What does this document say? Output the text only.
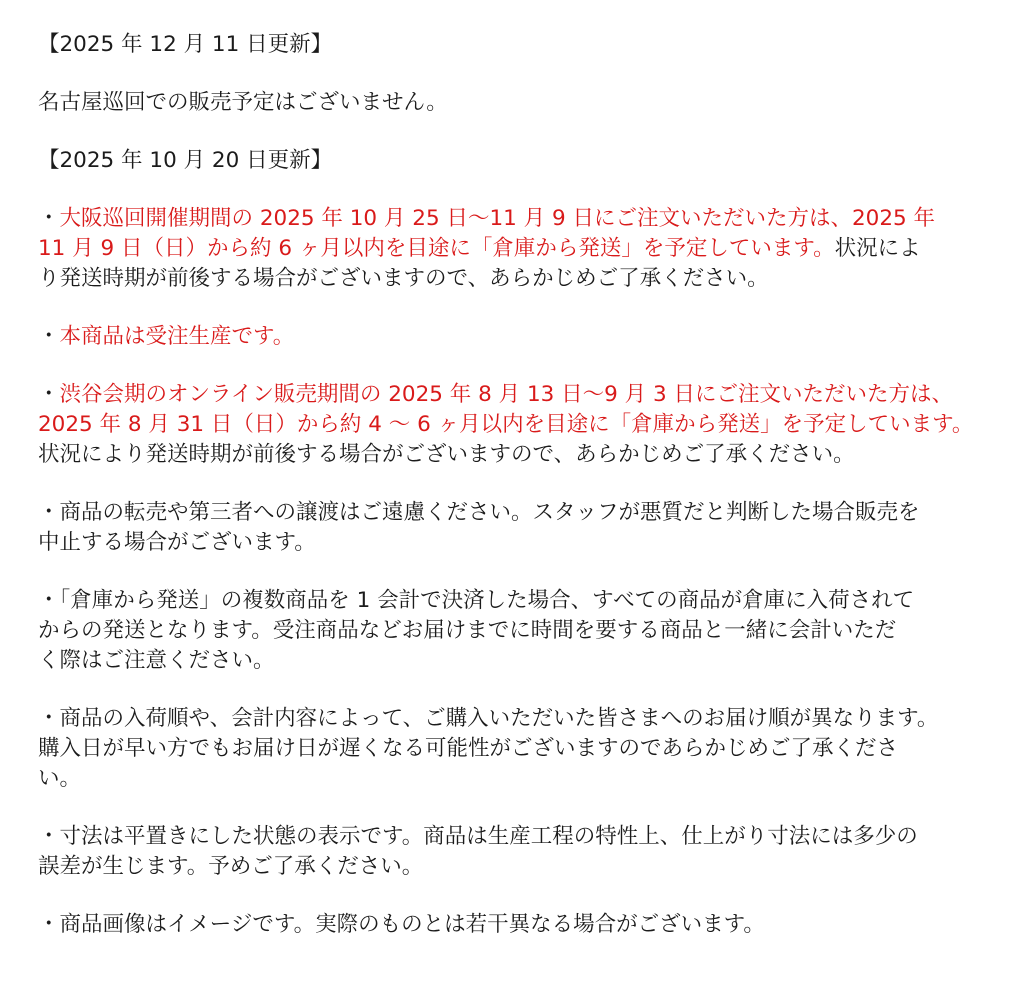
【2025 年 12 月 11 日更新】

名古屋巡回での販売予定はございません。

【2025 年 10 月 20 日更新】

・大阪巡回開催期間の 2025 年 10 月 25 日〜11 月 9 日にご注文いただいた方は、2025 年
11 月 9 日（日）から約 6 ヶ月以内を目途に「倉庫から発送」を予定しています。状況によ
り発送時期が前後する場合がございますので、あらかじめご了承ください。

・本商品は受注生産です。

・渋谷会期のオンライン販売期間の 2025 年 8 月 13 日〜9 月 3 日にご注文いただいた方は、
2025 年 8 月 31 日（日）から約 4 〜 6 ヶ月以内を目途に「倉庫から発送」を予定しています。
状況により発送時期が前後する場合がございますので、あらかじめご了承ください。

・商品の転売や第三者への譲渡はご遠慮ください。スタッフが悪質だと判断した場合販売を
中止する場合がございます。

・「倉庫から発送」の複数商品を 1 会計で決済した場合、すべての商品が倉庫に入荷されて
からの発送となります。受注商品などお届けまでに時間を要する商品と一緒に会計いただ
く際はご注意ください。

・商品の入荷順や、会計内容によって、ご購入いただいた皆さまへのお届け順が異なります。
購入日が早い方でもお届け日が遅くなる可能性がございますのであらかじめご了承くださ
い。

・寸法は平置きにした状態の表示です。商品は生産工程の特性上、仕上がり寸法には多少の
誤差が生じます。予めご了承ください。

・商品画像はイメージです。実際のものとは若干異なる場合がございます。
